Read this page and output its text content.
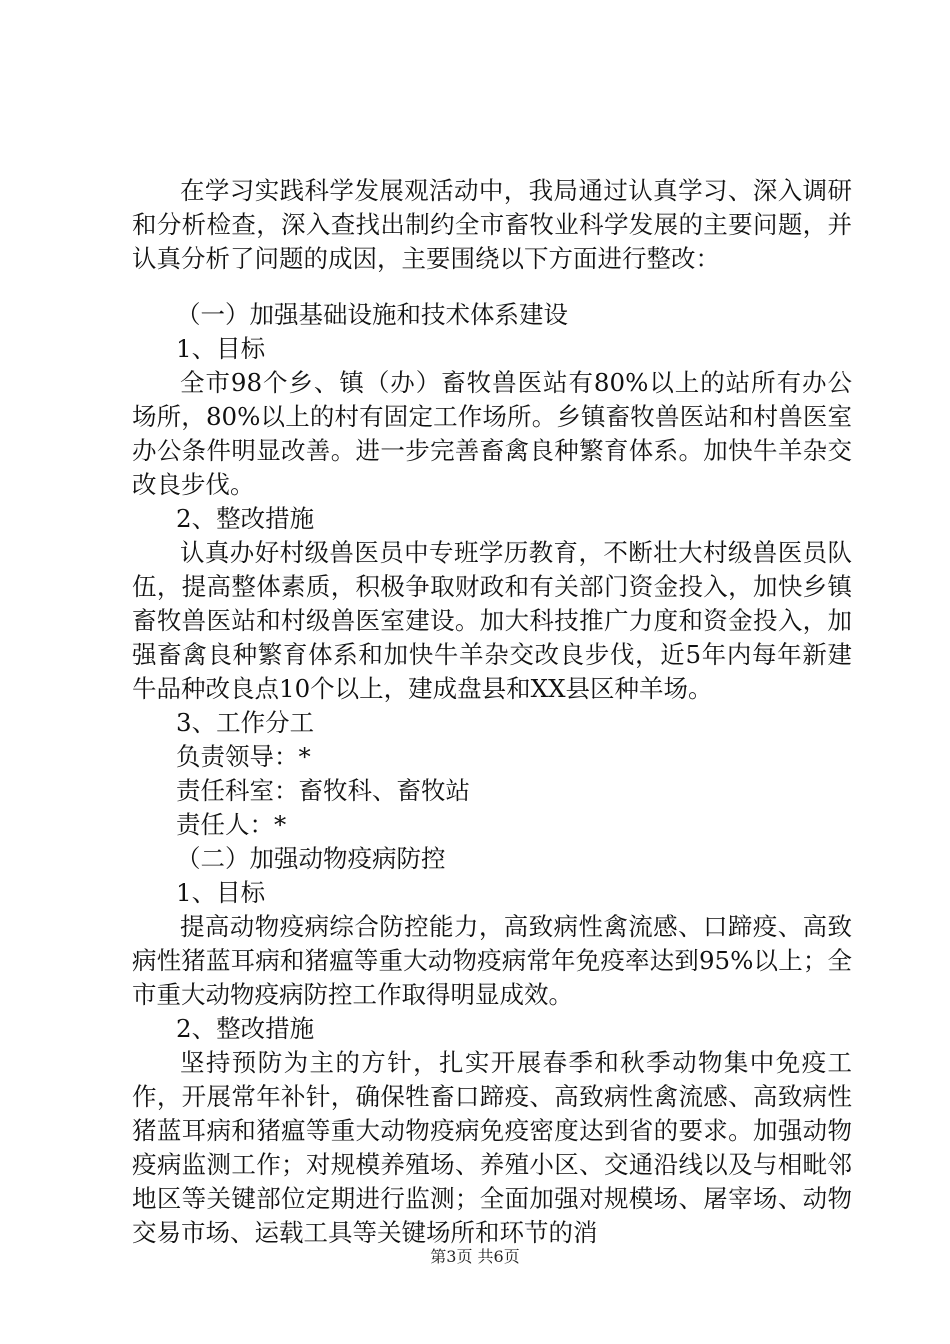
在学习实践科学发展观活动中，我局通过认真学习、深入调研和分析检查，深入查找出制约全市畜牧业科学发展的主要问题，并认真分析了问题的成因，主要围绕以下方面进行整改：

（一）加强基础设施和技术体系建设

1、目标

全市98个乡、镇（办）畜牧兽医站有80%以上的站所有办公场所，80%以上的村有固定工作场所。乡镇畜牧兽医站和村兽医室办公条件明显改善。进一步完善畜禽良种繁育体系。加快牛羊杂交改良步伐。

2、整改措施

认真办好村级兽医员中专班学历教育，不断壮大村级兽医员队伍，提高整体素质，积极争取财政和有关部门资金投入，加快乡镇畜牧兽医站和村级兽医室建设。加大科技推广力度和资金投入，加强畜禽良种繁育体系和加快牛羊杂交改良步伐，近5年内每年新建牛品种改良点10个以上，建成盘县和XX县区种羊场。

3、工作分工

负责领导：*

责任科室：畜牧科、畜牧站

责任人：*

（二）加强动物疫病防控

1、目标

提高动物疫病综合防控能力，高致病性禽流感、口蹄疫、高致病性猪蓝耳病和猪瘟等重大动物疫病常年免疫率达到95%以上；全市重大动物疫病防控工作取得明显成效。

2、整改措施

坚持预防为主的方针，扎实开展春季和秋季动物集中免疫工作，开展常年补针，确保牲畜口蹄疫、高致病性禽流感、高致病性猪蓝耳病和猪瘟等重大动物疫病免疫密度达到省的要求。加强动物疫病监测工作；对规模养殖场、养殖小区、交通沿线以及与相毗邻地区等关键部位定期进行监测；全面加强对规模场、屠宰场、动物交易市场、运载工具等关键场所和环节的消

第3页 共6页
